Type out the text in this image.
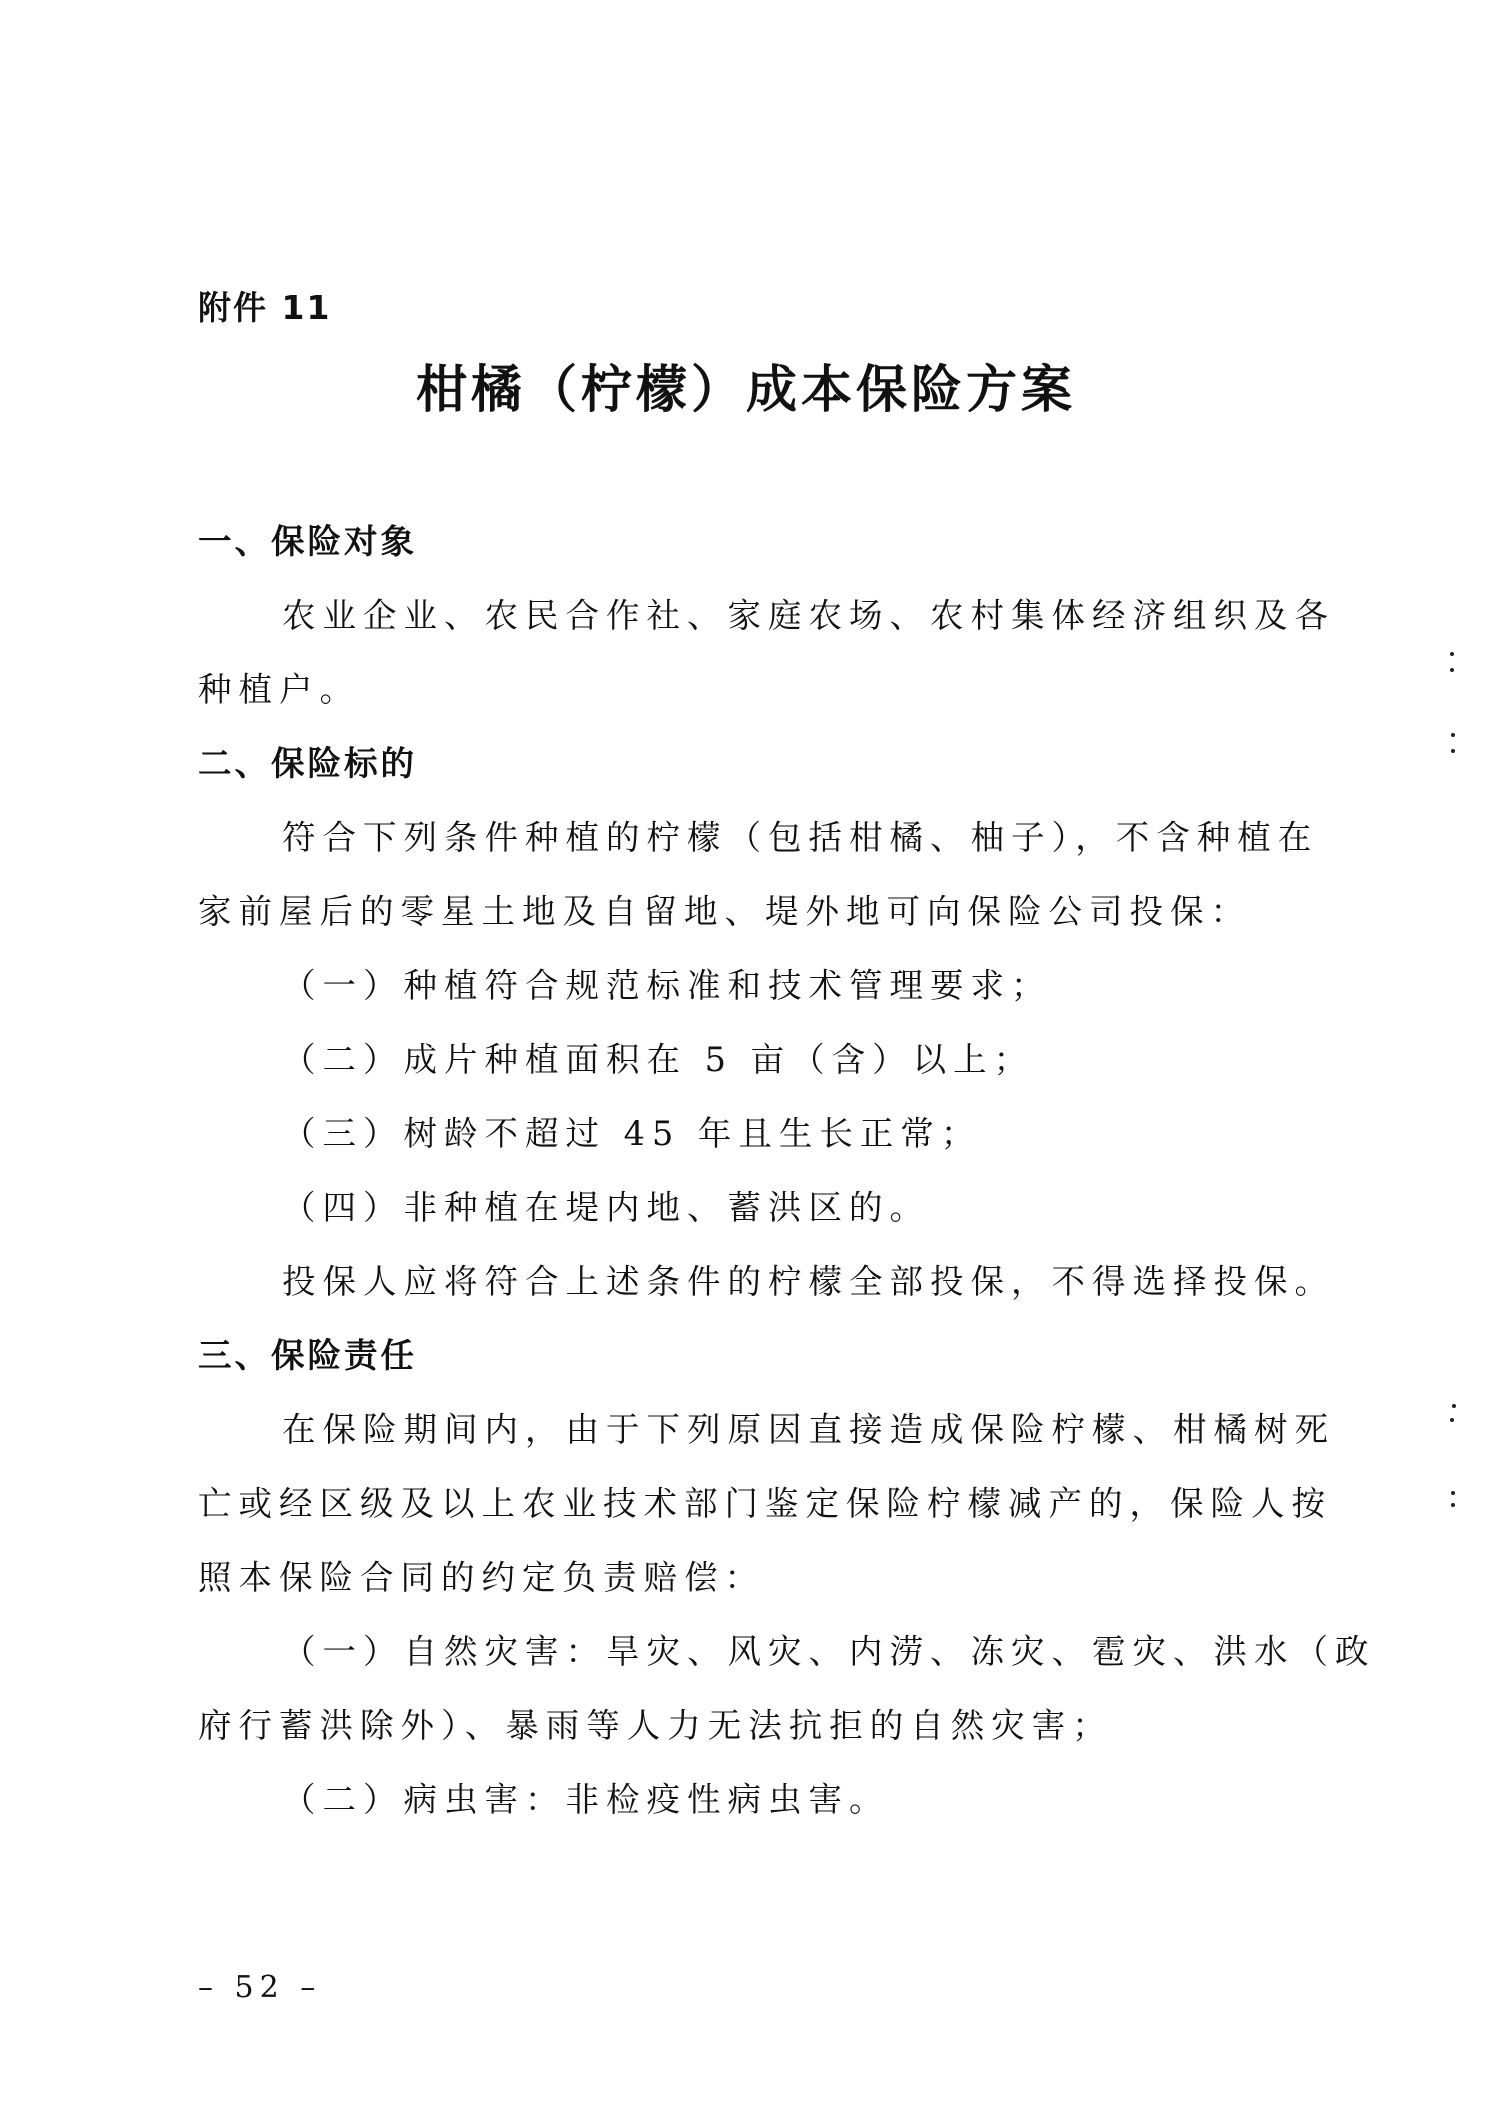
附件 11
柑橘（柠檬）成本保险方案
一、保险对象
农业企业、农民合作社、家庭农场、农村集体经济组织及各
种植户。
二、保险标的
符合下列条件种植的柠檬（包括柑橘、柚子），不含种植在
家前屋后的零星土地及自留地、堤外地可向保险公司投保：
（一）种植符合规范标准和技术管理要求；
（二）成片种植面积在 5 亩（含）以上；
（三）树龄不超过 45 年且生长正常；
（四）非种植在堤内地、蓄洪区的。
投保人应将符合上述条件的柠檬全部投保，不得选择投保。
三、保险责任
在保险期间内，由于下列原因直接造成保险柠檬、柑橘树死
亡或经区级及以上农业技术部门鉴定保险柠檬减产的，保险人按
照本保险合同的约定负责赔偿：
（一）自然灾害：旱灾、风灾、内涝、冻灾、雹灾、洪水（政
府行蓄洪除外）、暴雨等人力无法抗拒的自然灾害；
（二）病虫害：非检疫性病虫害。
– 52 –
